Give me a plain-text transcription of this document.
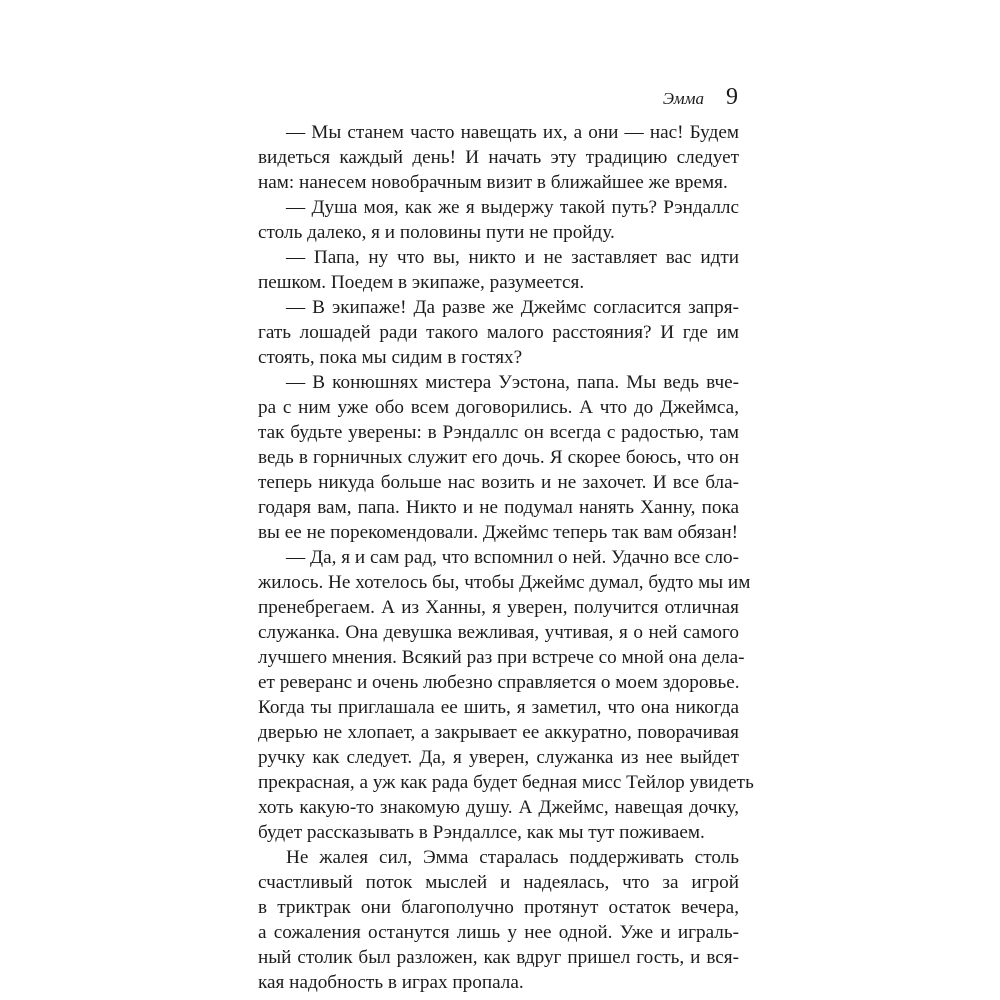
Эмма 9
— Мы станем часто навещать их, а они — нас! Будем
видеться каждый день! И начать эту традицию следует
нам: нанесем новобрачным визит в ближайшее же время.
— Душа моя, как же я выдержу такой путь? Рэндаллс
столь далеко, я и половины пути не пройду.
— Папа, ну что вы, никто и не заставляет вас идти
пешком. Поедем в экипаже, разумеется.
— В экипаже! Да разве же Джеймс согласится запря-
гать лошадей ради такого малого расстояния? И где им
стоять, пока мы сидим в гостях?
— В конюшнях мистера Уэстона, папа. Мы ведь вче-
ра с ним уже обо всем договорились. А что до Джеймса,
так будьте уверены: в Рэндаллс он всегда с радостью, там
ведь в горничных служит его дочь. Я скорее боюсь, что он
теперь никуда больше нас возить и не захочет. И все бла-
годаря вам, папа. Никто и не подумал нанять Ханну, пока
вы ее не порекомендовали. Джеймс теперь так вам обязан!
— Да, я и сам рад, что вспомнил о ней. Удачно все сло-
жилось. Не хотелось бы, чтобы Джеймс думал, будто мы им
пренебрегаем. А из Ханны, я уверен, получится отличная
служанка. Она девушка вежливая, учтивая, я о ней самого
лучшего мнения. Всякий раз при встрече со мной она дела-
ет реверанс и очень любезно справляется о моем здоровье.
Когда ты приглашала ее шить, я заметил, что она никогда
дверью не хлопает, а закрывает ее аккуратно, поворачивая
ручку как следует. Да, я уверен, служанка из нее выйдет
прекрасная, а уж как рада будет бедная мисс Тейлор увидеть
хоть какую-то знакомую душу. А Джеймс, навещая дочку,
будет рассказывать в Рэндаллсе, как мы тут поживаем.
Не жалея сил, Эмма старалась поддерживать столь
счастливый поток мыслей и надеялась, что за игрой
в триктрак они благополучно протянут остаток вечера,
а сожаления останутся лишь у нее одной. Уже и играль-
ный столик был разложен, как вдруг пришел гость, и вся-
кая надобность в играх пропала.
